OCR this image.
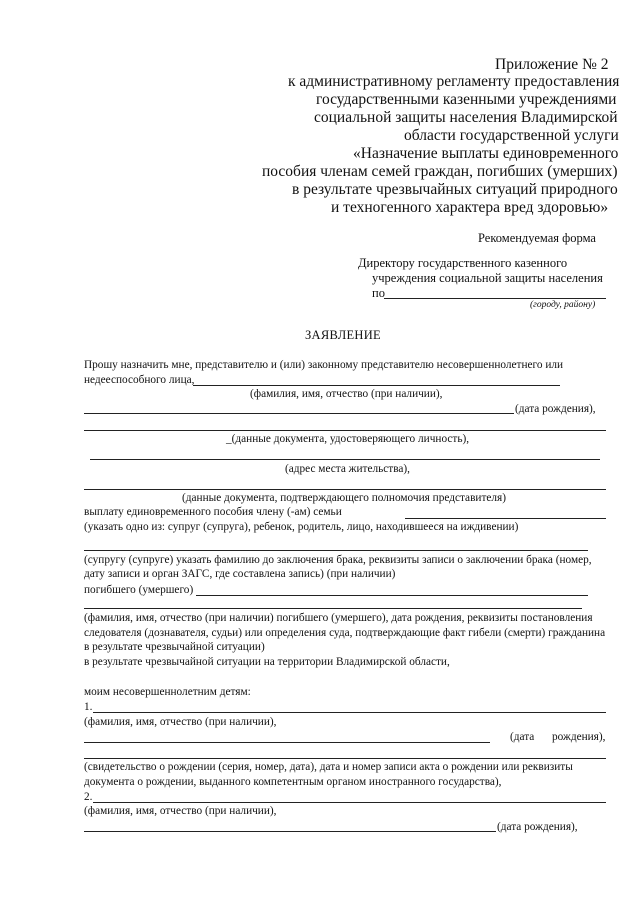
Приложение № 2
к административному регламенту предоставления
государственными казенными учреждениями
социальной защиты населения Владимирской
области государственной услуги
«Назначение выплаты единовременного
пособия членам семей граждан, погибших (умерших)
в результате чрезвычайных ситуаций природного
и техногенного характера вред здоровью»
Рекомендуемая форма
Директору государственного казенного
учреждения социальной защиты населения
по
(городу, району)
ЗАЯВЛЕНИЕ
Прошу назначить мне, представителю и (или) законному представителю несовершеннолетнего или
недееспособного лица,
(фамилия, имя, отчество (при наличии),
(дата рождения),
_(данные документа, удостоверяющего личность),
(адрес места жительства),
(данные документа, подтверждающего полномочия представителя)
выплату единовременного пособия члену (-ам) семьи
(указать одно из: супруг (супруга), ребенок, родитель, лицо, находившееся на иждивении)
(супругу (супруге) указать фамилию до заключения брака, реквизиты записи о заключении брака (номер,
дату записи и орган ЗАГС, где составлена запись) (при наличии)
погибшего (умершего)
(фамилия, имя, отчество (при наличии) погибшего (умершего), дата рождения, реквизиты постановления
следователя (дознавателя, судьи) или определения суда, подтверждающие факт гибели (смерти) гражданина
в результате чрезвычайной ситуации)
в результате чрезвычайной ситуации на территории Владимирской области,
моим несовершеннолетним детям:
1.
(фамилия, имя, отчество (при наличии),
(дата рождения),
(свидетельство о рождении (серия, номер, дата), дата и номер записи акта о рождении или реквизиты
документа о рождении, выданного компетентным органом иностранного государства),
2.
(фамилия, имя, отчество (при наличии),
(дата рождения),
